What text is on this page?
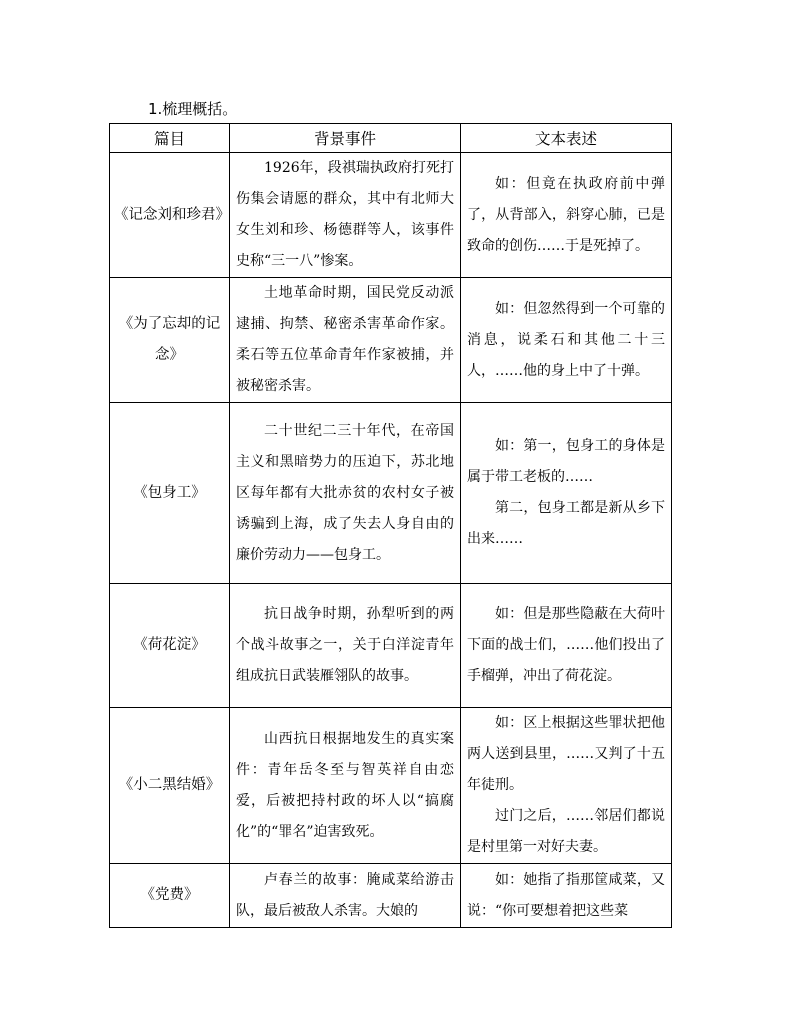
1.梳理概括。
篇目	背景事件	文本表述
《记念刘和珍君》	1926年，段祺瑞执政府打死打伤集会请愿的群众，其中有北师大女生刘和珍、杨德群等人，该事件史称“三一八”惨案。	如：但竟在执政府前中弹了，从背部入，斜穿心肺，已是致命的创伤……于是死掉了。

《为了忘却的记念》	土地革命时期，国民党反动派逮捕、拘禁、秘密杀害革命作家。柔石等五位革命青年作家被捕，并被秘密杀害。	如：但忽然得到一个可靠的消息，说柔石和其他二十三人，……他的身上中了十弹。

《包身工》	二十世纪二三十年代，在帝国主义和黑暗势力的压迫下，苏北地区每年都有大批赤贫的农村女子被诱骗到上海，成了失去人身自由的廉价劳动力——包身工。	如：第一，包身工的身体是属于带工老板的……

第二，包身工都是新从乡下出来……

《荷花淀》	抗日战争时期，孙犁听到的两个战斗故事之一，关于白洋淀青年组成抗日武装雁翎队的故事。	如：但是那些隐蔽在大荷叶下面的战士们，……他们投出了手榴弹，冲出了荷花淀。

《小二黑结婚》	山西抗日根据地发生的真实案件：青年岳冬至与智英祥自由恋爱，后被把持村政的坏人以“搞腐化”的“罪名”迫害致死。	如：区上根据这些罪状把他两人送到县里，……又判了十五年徒刑。

过门之后，……邻居们都说是村里第一对好夫妻。

《党费》	卢春兰的故事：腌咸菜给游击队，最后被敌人杀害。大娘的	如：她指了指那筐咸菜，又说：“你可要想着把这些菜
